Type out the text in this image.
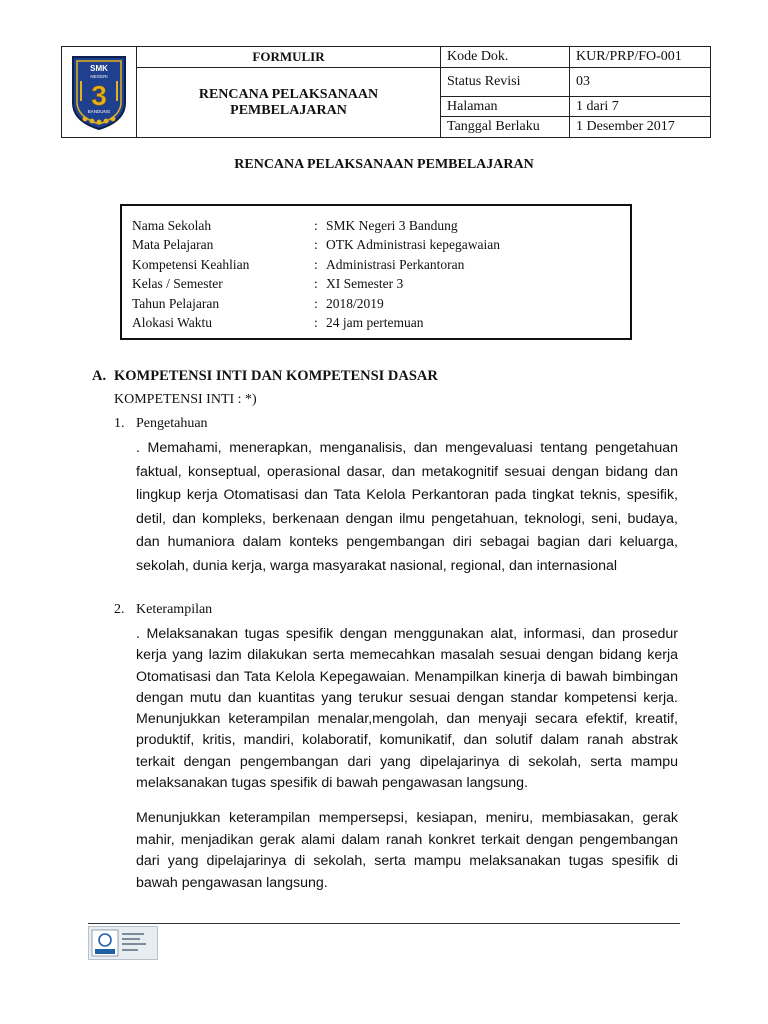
SMK
NEGERI
3
BANDUNG	FORMULIR	Kode Dok.	KUR/PRP/FO-001

	RENCANA PELAKSANAAN
PEMBELAJARAN	Status Revisi	03
		Halaman	1 dari 7
		Tanggal Berlaku	1 Desember 2017
RENCANA PELAKSANAAN PEMBELAJARAN
Nama Sekolah	: SMK Negeri 3 Bandung
Mata Pelajaran	: OTK Administrasi kepegawaian
Kompetensi Keahlian	: Administrasi Perkantoran
Kelas / Semester	: XI Semester 3
Tahun Pelajaran	: 2018/2019
Alokasi Waktu	: 24 jam pertemuan
A. KOMPETENSI INTI DAN KOMPETENSI DASAR
KOMPETENSI INTI : *)
1. Pengetahuan
. Memahami, menerapkan, menganalisis, dan mengevaluasi tentang pengetahuan faktual, konseptual, operasional dasar, dan metakognitif sesuai dengan bidang dan lingkup kerja Otomatisasi dan Tata Kelola Perkantoran pada tingkat teknis, spesifik, detil, dan kompleks, berkenaan dengan ilmu pengetahuan, teknologi, seni, budaya, dan humaniora dalam konteks pengembangan diri sebagai bagian dari keluarga, sekolah, dunia kerja, warga masyarakat nasional, regional, dan internasional
2. Keterampilan
. Melaksanakan tugas spesifik dengan menggunakan alat, informasi, dan prosedur kerja yang lazim dilakukan serta memecahkan masalah sesuai dengan bidang kerja Otomatisasi dan Tata Kelola Kepegawaian. Menampilkan kinerja di bawah bimbingan dengan mutu dan kuantitas yang terukur sesuai dengan standar kompetensi kerja. Menunjukkan keterampilan menalar,mengolah, dan menyaji secara efektif, kreatif, produktif, kritis, mandiri, kolaboratif, komunikatif, dan solutif dalam ranah abstrak terkait dengan pengembangan dari yang dipelajarinya di sekolah, serta mampu melaksanakan tugas spesifik di bawah pengawasan langsung.
Menunjukkan keterampilan mempersepsi, kesiapan, meniru, membiasakan, gerak mahir, menjadikan gerak alami dalam ranah konkret terkait dengan pengembangan dari yang dipelajarinya di sekolah, serta mampu melaksanakan tugas spesifik di bawah pengawasan langsung.
